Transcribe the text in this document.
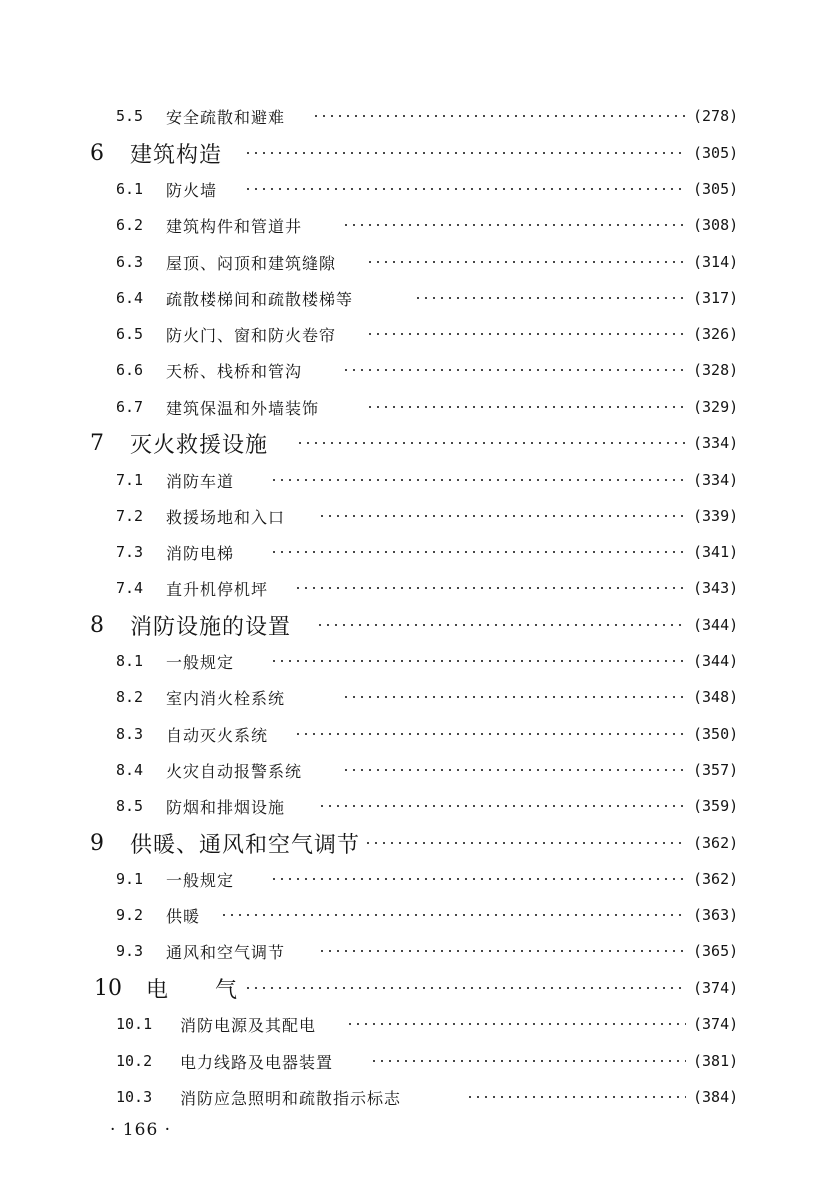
5.5 安全疏散和避难	(278)
6 建筑构造	(305)
6.1 防火墙	(305)
6.2 建筑构件和管道井	(308)
6.3 屋顶、闷顶和建筑缝隙	(314)
6.4 疏散楼梯间和疏散楼梯等	(317)
6.5 防火门、窗和防火卷帘	(326)
6.6 天桥、栈桥和管沟	(328)
6.7 建筑保温和外墙装饰	(329)
7 灭火救援设施	(334)
7.1 消防车道	(334)
7.2 救援场地和入口	(339)
7.3 消防电梯	(341)
7.4 直升机停机坪	(343)
8 消防设施的设置	(344)
8.1 一般规定	(344)
8.2 室内消火栓系统	(348)
8.3 自动灭火系统	(350)
8.4 火灾自动报警系统	(357)
8.5 防烟和排烟设施	(359)
9 供暖、通风和空气调节	(362)
9.1 一般规定	(362)
9.2 供暖	(363)
9.3 通风和空气调节	(365)
10 电　　气	(374)
10.1 消防电源及其配电	(374)
10.2 电力线路及电器装置	(381)
10.3 消防应急照明和疏散指示标志	(384)
· 166 ·
